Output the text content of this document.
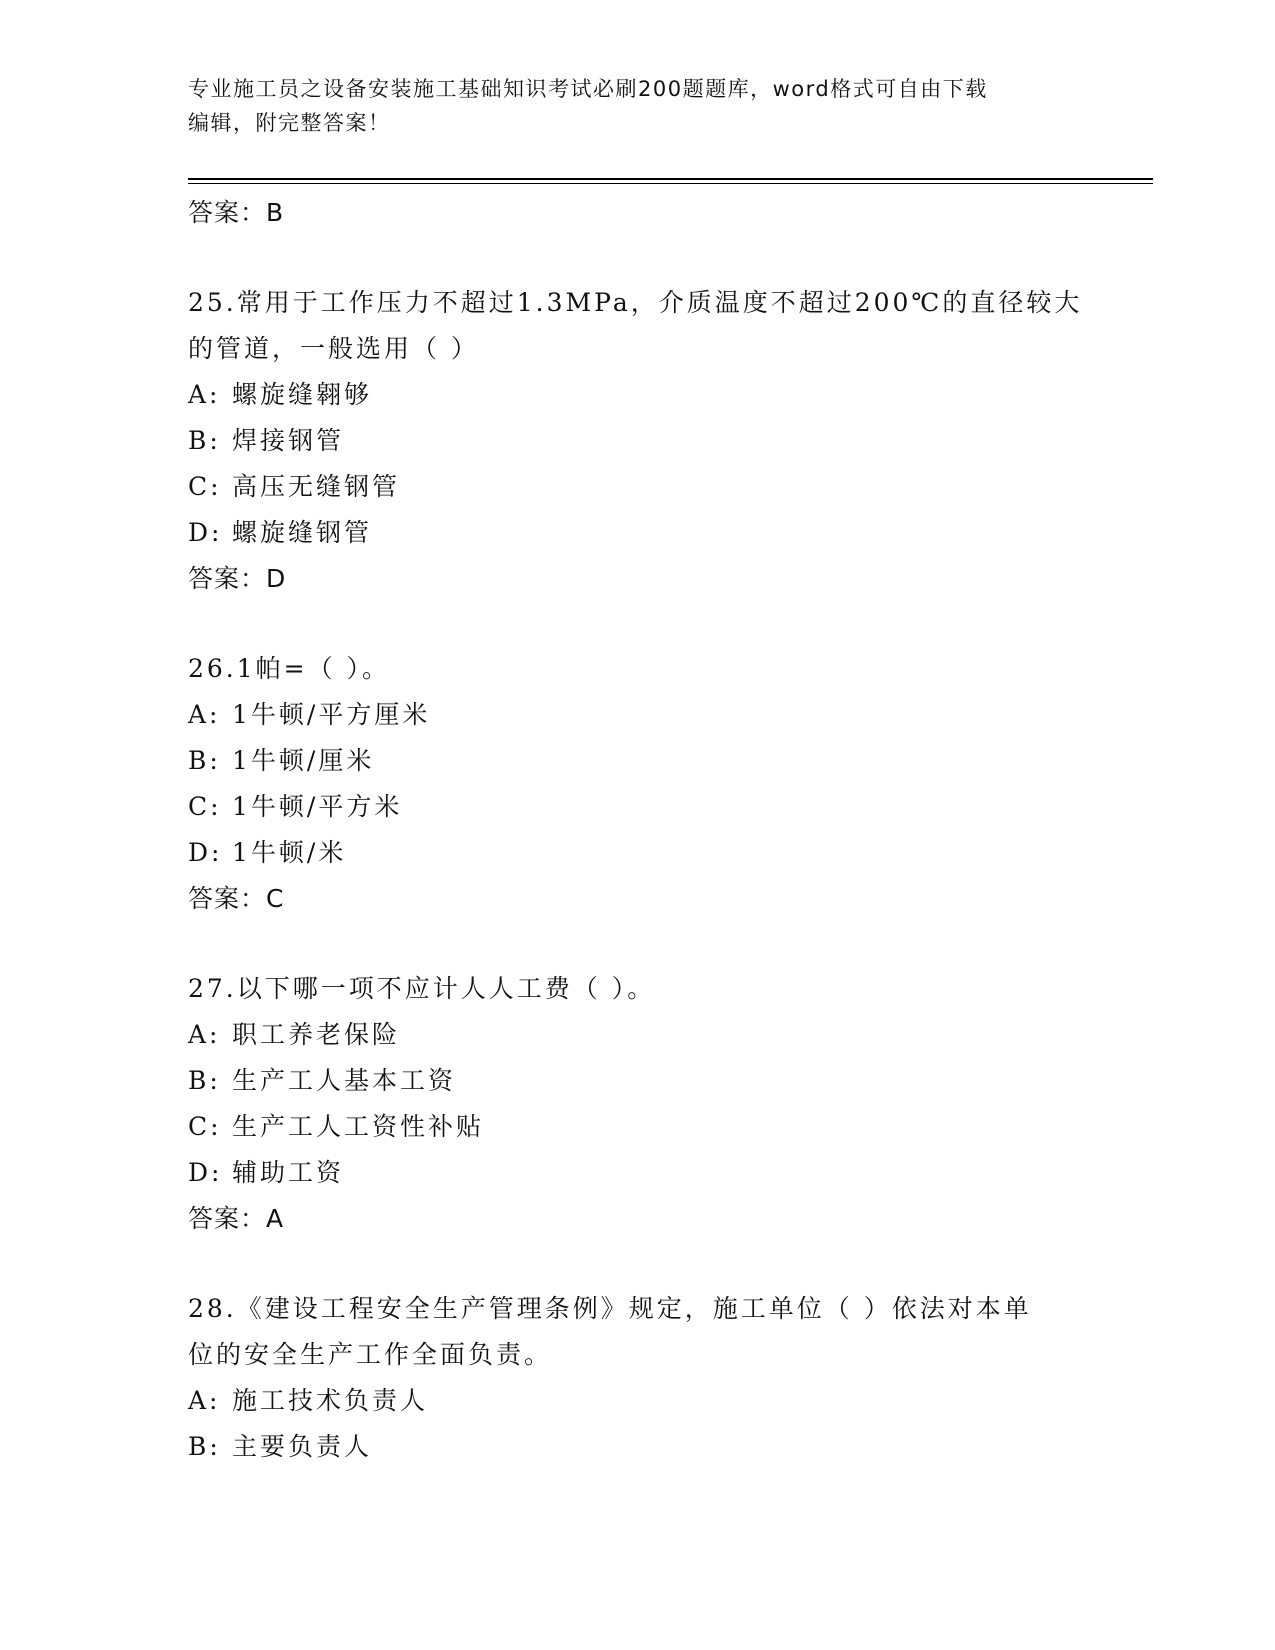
专业施工员之设备安装施工基础知识考试必刷200题题库，word格式可自由下载
编辑，附完整答案！
答案：B
25.常用于工作压力不超过1.3MPa，介质温度不超过200℃的直径较大
的管道，一般选用（ ）
A: 螺旋缝翱够
B: 焊接钢管
C: 高压无缝钢管
D: 螺旋缝钢管
答案：D
26.1帕=（ ）。
A: 1牛顿/平方厘米
B: 1牛顿/厘米
C: 1牛顿/平方米
D: 1牛顿/米
答案：C
27.以下哪一项不应计人人工费（ ）。
A: 职工养老保险
B: 生产工人基本工资
C: 生产工人工资性补贴
D: 辅助工资
答案：A
28.《建设工程安全生产管理条例》规定，施工单位（ ）依法对本单
位的安全生产工作全面负责。
A: 施工技术负责人
B: 主要负责人
